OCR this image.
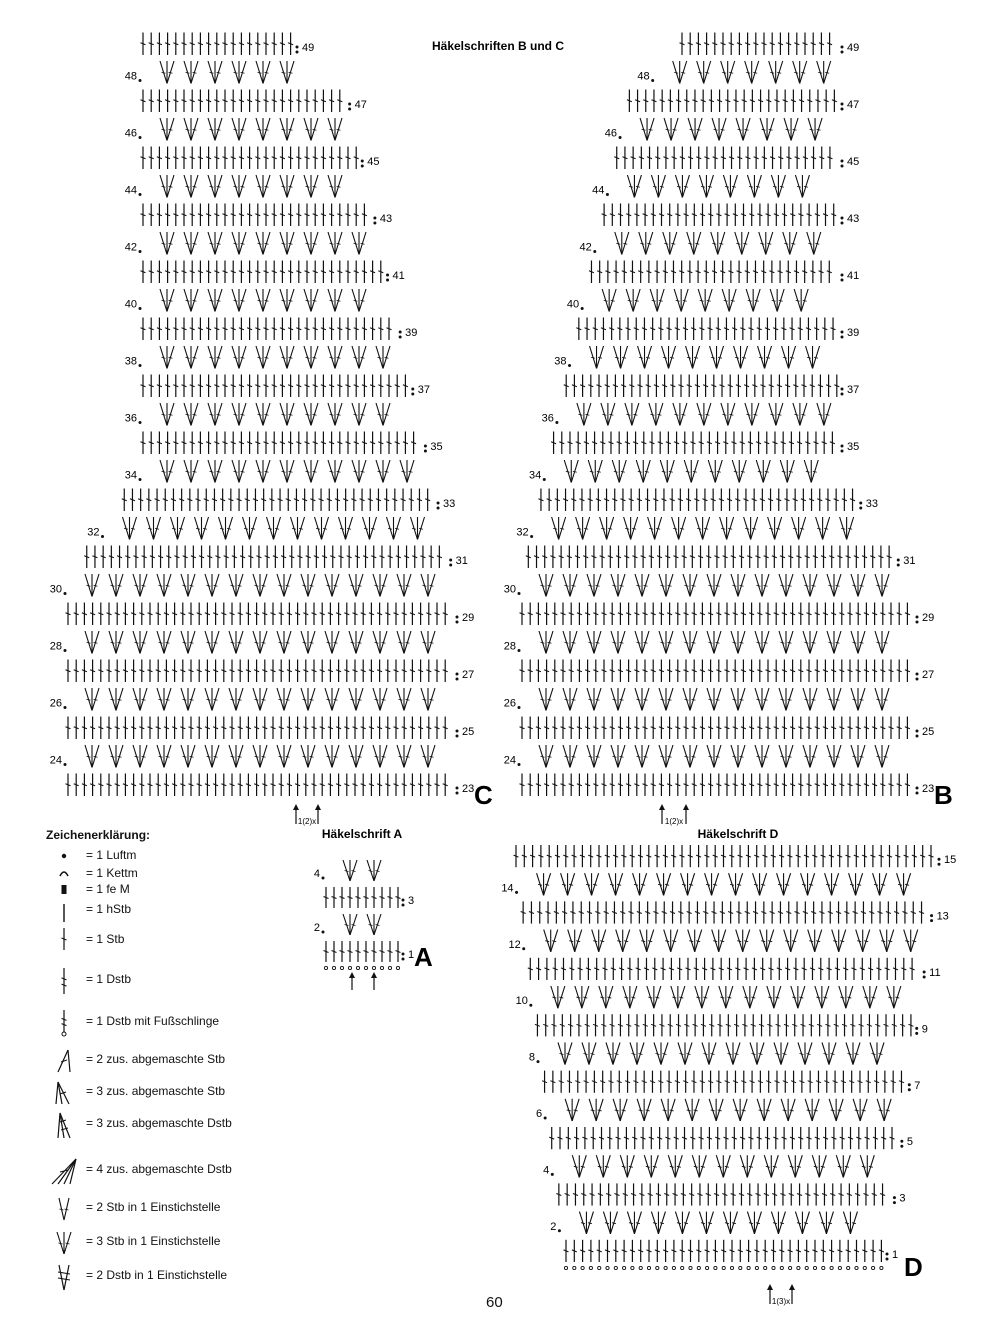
Häkelschriften B und C
Häkelschrift A	Häkelschrift D
23
24
25
26
27
28
29
30
31
32
33
34
35
36
37
38
39
40
41
42
43
44
45
46
47
48
49
C
1(2)x
23
24
25
26
27
28
29
30
31
32
33
34
35
36
37
38
39
40
41
42
43
44
45
46
47
48
49
B
1(2)x
1
2
3
4
A
1
2
3
4
5
6
7
8
9
10
11
12
13
14
15
D
1(3)x
Zeichenerklärung:
= 1 Luftm
= 1 Kettm
= 1 fe M
= 1 hStb
= 1 Stb
= 1 Dstb
= 1 Dstb mit Fußschlinge
= 2 zus. abgemaschte Stb
= 3 zus. abgemaschte Stb
= 3 zus. abgemaschte Dstb
= 4 zus. abgemaschte Dstb
= 2 Stb in 1 Einstichstelle
= 3 Stb in 1 Einstichstelle
= 2 Dstb in 1 Einstichstelle
60
